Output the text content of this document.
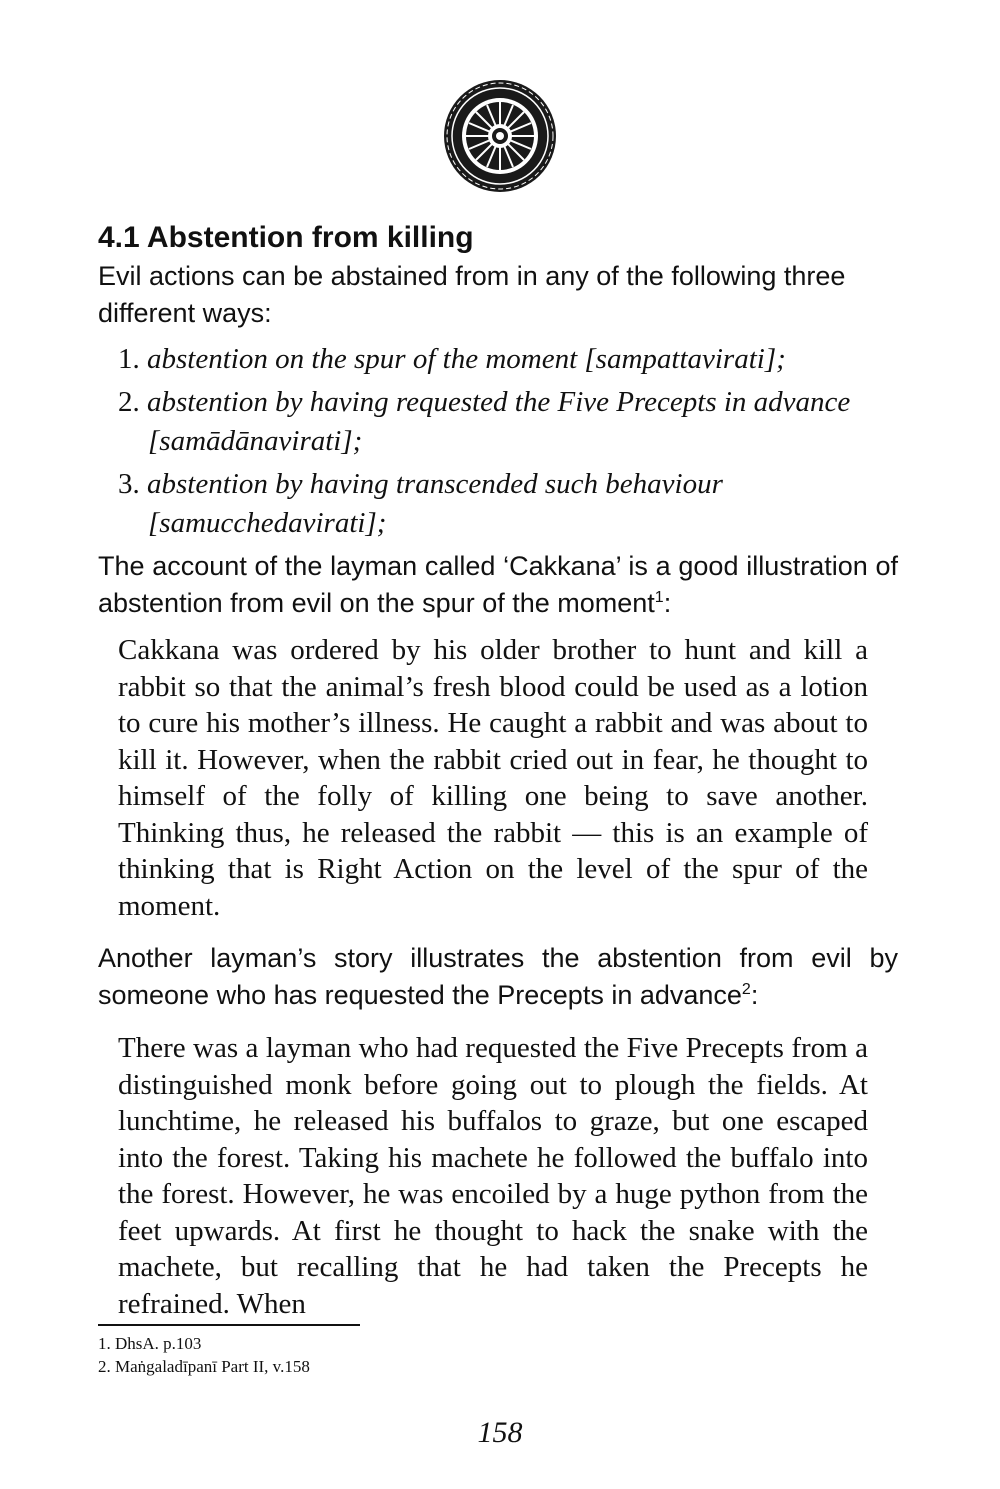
4.1 Abstention from killing

Evil actions can be abstained from in any of the following three different ways:

1. abstention on the spur of the moment [sampattavirati];
2. abstention by having requested the Five Precepts in advance [samādānavirati];
3. abstention by having transcended such behaviour [samucchedavirati];

The account of the layman called ‘Cakkana’ is a good illustration of abstention from evil on the spur of the moment$^1$:

Cakkana was ordered by his older brother to hunt and kill a rabbit so that the animal’s fresh blood could be used as a lotion to cure his mother’s illness. He caught a rabbit and was about to kill it. However, when the rabbit cried out in fear, he thought to himself of the folly of killing one being to save another. Thinking thus, he released the rabbit — this is an example of thinking that is Right Action on the level of the spur of the moment.

Another layman’s story illustrates the abstention from evil by someone who has requested the Precepts in advance$^2$:

There was a layman who had requested the Five Precepts from a distinguished monk before going out to plough the fields. At lunchtime, he released his buffalos to graze, but one escaped into the forest. Taking his machete he followed the buffalo into the forest. However, he was encoiled by a huge python from the feet upwards. At first he thought to hack the snake with the machete, but recalling that he had taken the Precepts he refrained. When

1. DhsA. p.103
2. Maṅgaladīpanī Part II, v.158
158
